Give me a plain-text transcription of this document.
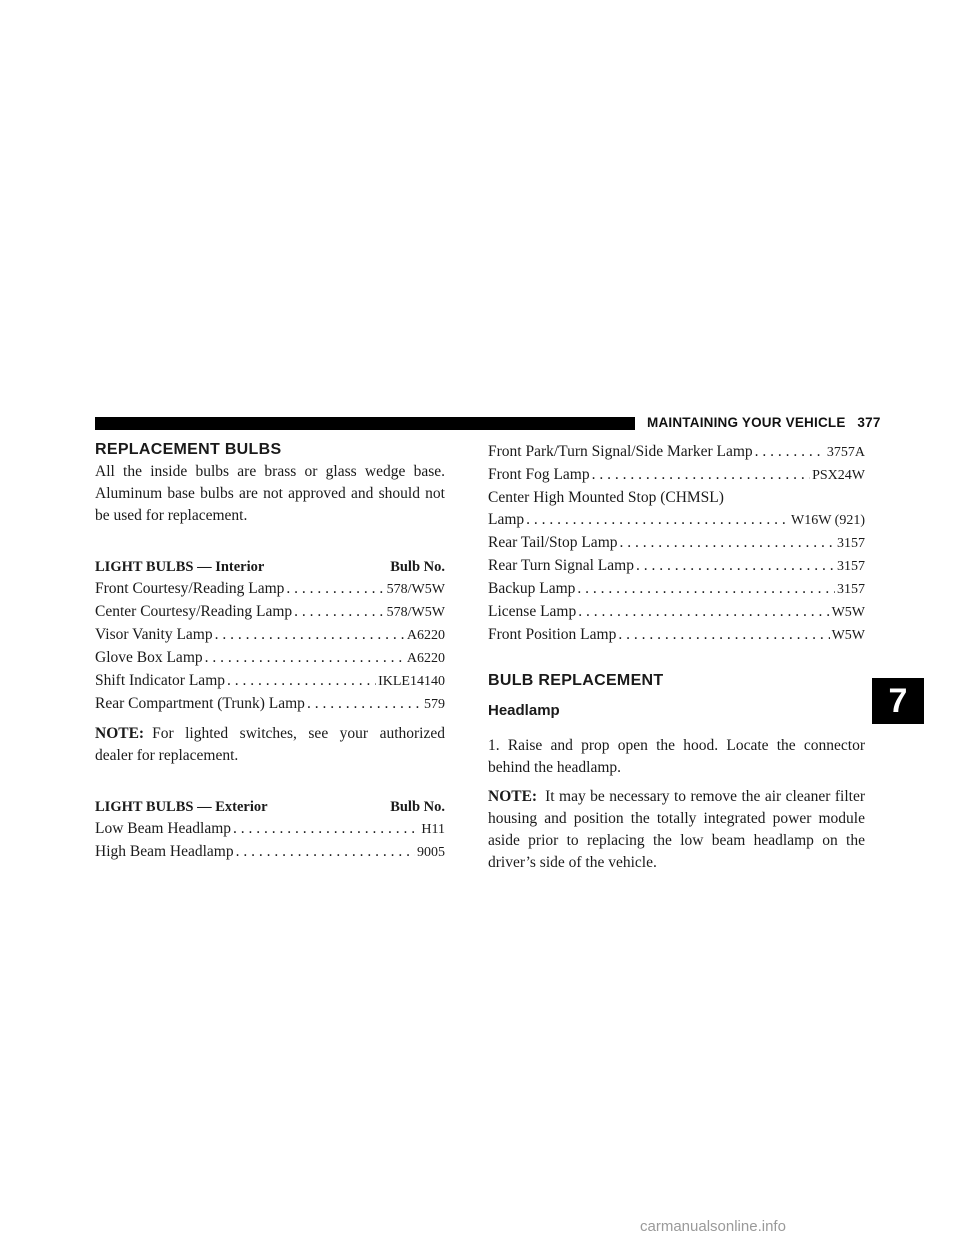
MAINTAINING YOUR VEHICLE   377
REPLACEMENT BULBS

All the inside bulbs are brass or glass wedge base. Aluminum base bulbs are not approved and should not be used for replacement.

LIGHT BULBS — Interior	Bulb No.
Front Courtesy/Reading Lamp . . .	578/W5W
Center Courtesy/Reading Lamp . . .	578/W5W
Visor Vanity Lamp . . .	A6220
Glove Box Lamp . . .	A6220
Shift Indicator Lamp . . .	IKLE14140
Rear Compartment (Trunk) Lamp . . .	579

NOTE: For lighted switches, see your authorized dealer for replacement.

LIGHT BULBS — Exterior	Bulb No.
Low Beam Headlamp . . .	H11
High Beam Headlamp . . .	9005
Front Park/Turn Signal/Side Marker Lamp . . .	3757A
Front Fog Lamp . . .	PSX24W
Center High Mounted Stop (CHMSL)
Lamp . . .	W16W (921)
Rear Tail/Stop Lamp . . .	3157
Rear Turn Signal Lamp . . .	3157
Backup Lamp . . .	3157
License Lamp . . .	W5W
Front Position Lamp . . .	W5W
BULB REPLACEMENT
Headlamp

1. Raise and prop open the hood. Locate the connector behind the headlamp.

NOTE: It may be necessary to remove the air cleaner filter housing and position the totally integrated power module aside prior to replacing the low beam headlamp on the driver’s side of the vehicle.

7
carmanualsonline.info
